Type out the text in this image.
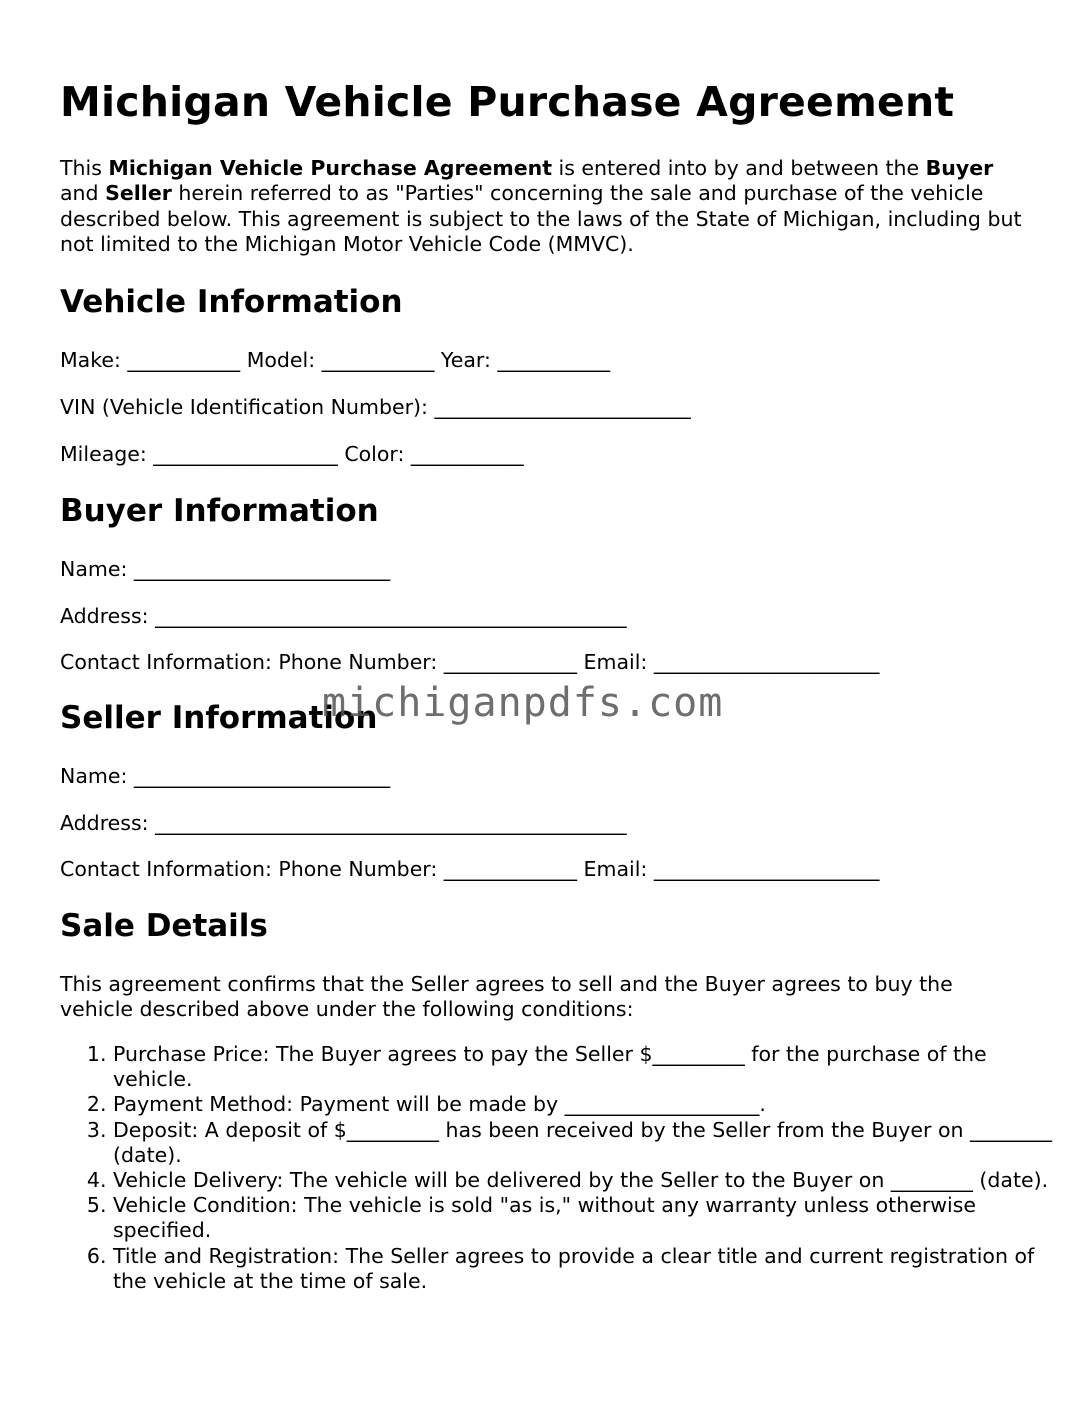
Michigan Vehicle Purchase Agreement

This Michigan Vehicle Purchase Agreement is entered into by and between the Buyer and Seller herein referred to as "Parties" concerning the sale and purchase of the vehicle described below. This agreement is subject to the laws of the State of Michigan, including but not limited to the Michigan Motor Vehicle Code (MMVC).

Vehicle Information

Make: ___________ Model: ___________ Year: ___________

VIN (Vehicle Identification Number): _________________________

Mileage: __________________ Color: ___________

Buyer Information

Name: _________________________

Address: ______________________________________________

Contact Information: Phone Number: _____________ Email: ______________________

Seller Information

Name: _________________________

Address: ______________________________________________

Contact Information: Phone Number: _____________ Email: ______________________

Sale Details

This agreement confirms that the Seller agrees to sell and the Buyer agrees to buy the vehicle described above under the following conditions:

1. Purchase Price: The Buyer agrees to pay the Seller $_________ for the purchase of the vehicle.
2. Payment Method: Payment will be made by ___________________.
3. Deposit: A deposit of $_________ has been received by the Seller from the Buyer on ________ (date).
4. Vehicle Delivery: The vehicle will be delivered by the Seller to the Buyer on ________ (date).
5. Vehicle Condition: The vehicle is sold "as is," without any warranty unless otherwise specified.
6. Title and Registration: The Seller agrees to provide a clear title and current registration of the vehicle at the time of sale.
michiganpdfs.com
